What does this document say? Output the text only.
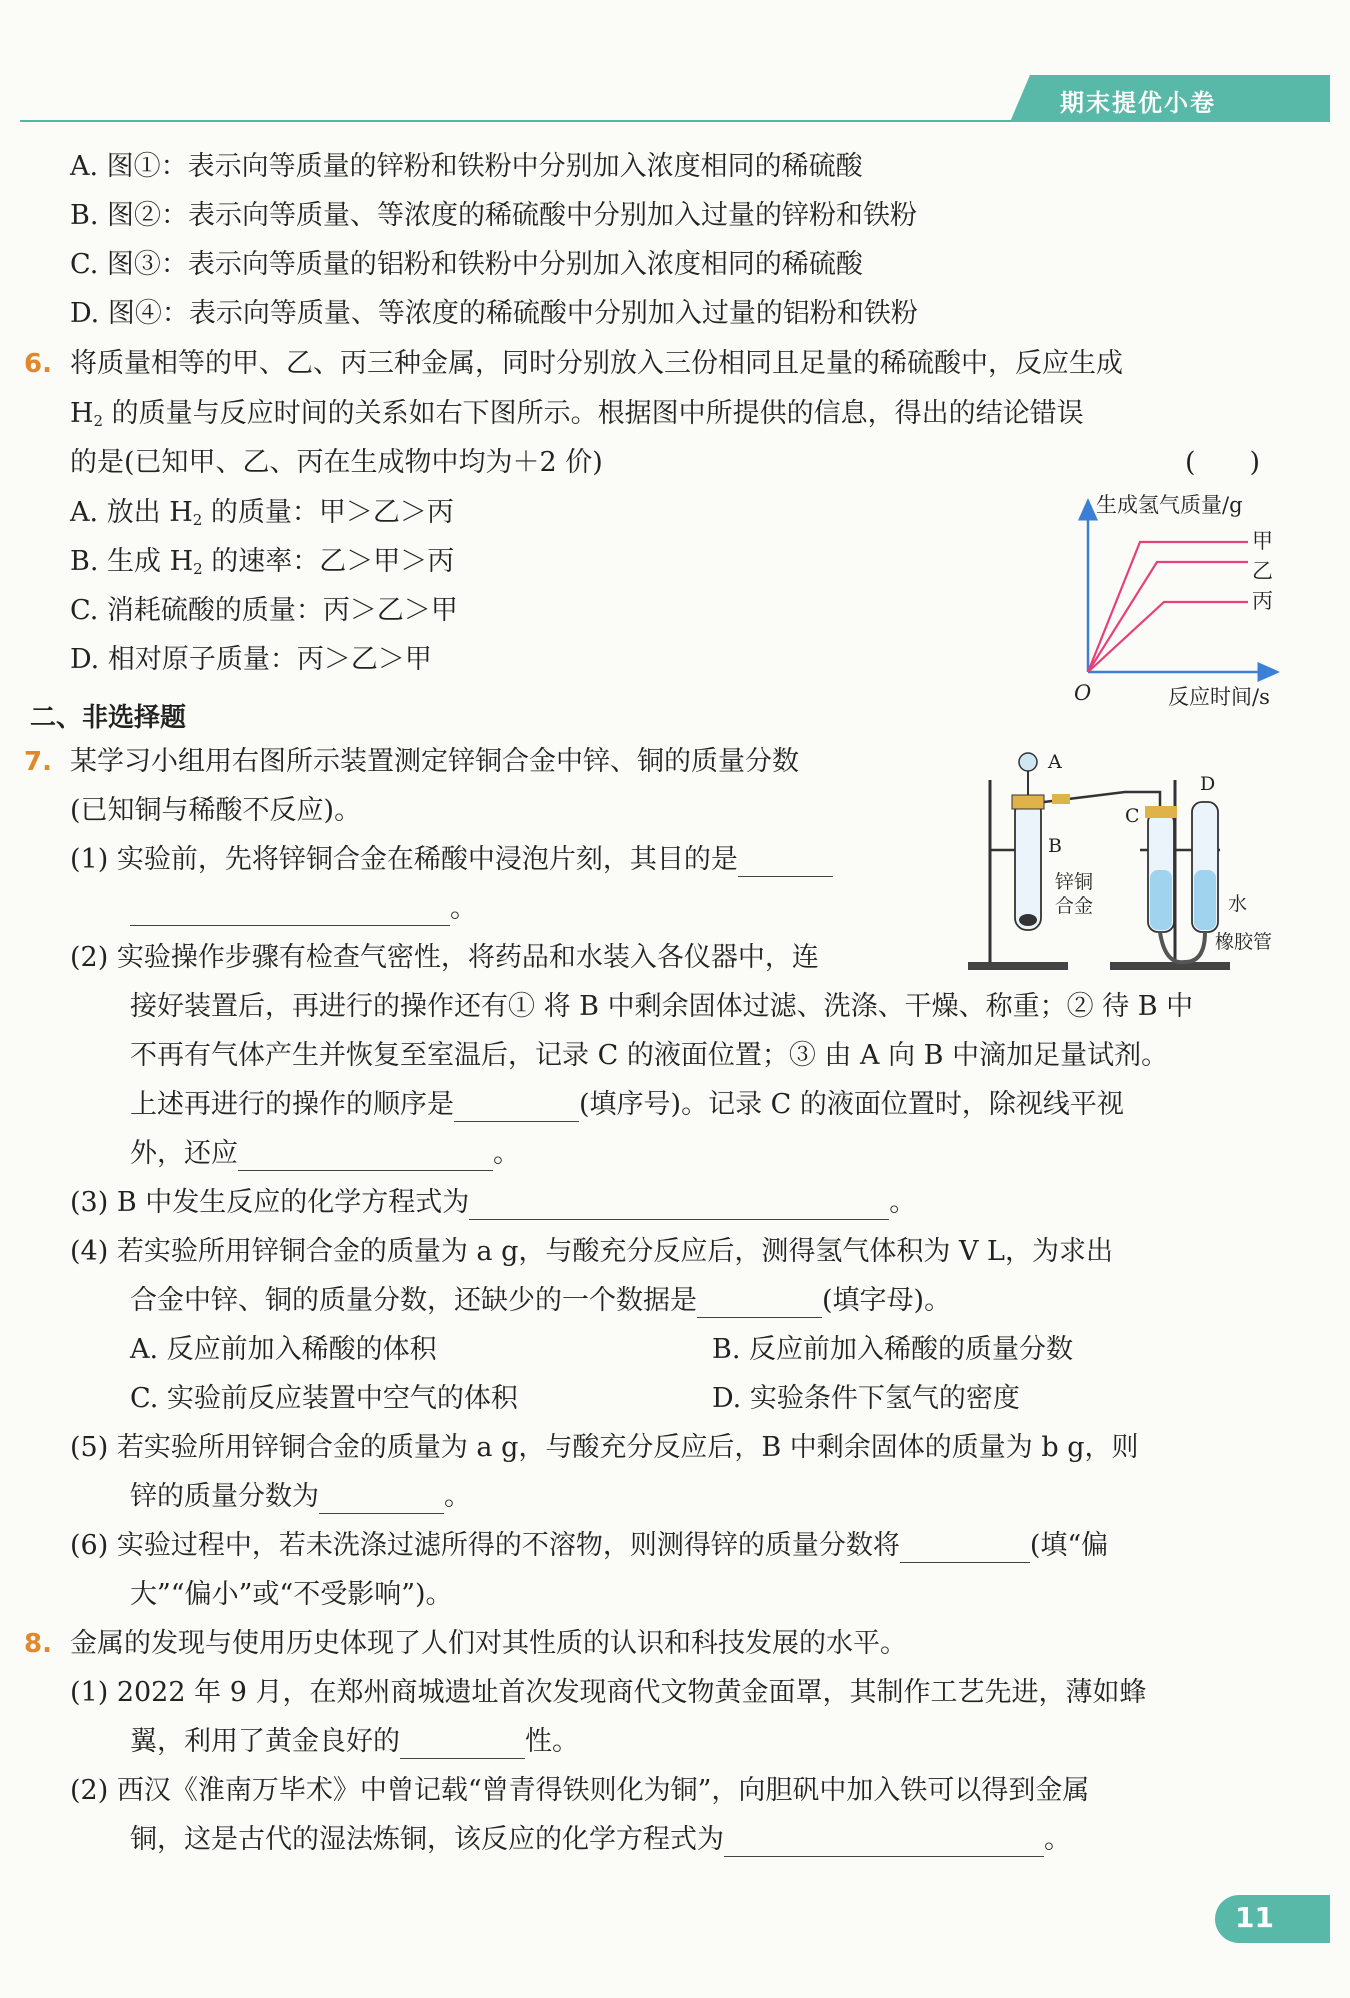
期末提优小卷
A. 图①：表示向等质量的锌粉和铁粉中分别加入浓度相同的稀硫酸
B. 图②：表示向等质量、等浓度的稀硫酸中分别加入过量的锌粉和铁粉
C. 图③：表示向等质量的铝粉和铁粉中分别加入浓度相同的稀硫酸
D. 图④：表示向等质量、等浓度的稀硫酸中分别加入过量的铝粉和铁粉
6. 将质量相等的甲、乙、丙三种金属，同时分别放入三份相同且足量的稀硫酸中，反应生成
$H_2$ 的质量与反应时间的关系如右下图所示。根据图中所提供的信息，得出的结论错误
的是(已知甲、乙、丙在生成物中均为＋2 价)	(　　)
A. 放出 $H_2$ 的质量：甲＞乙＞丙
B. 生成 $H_2$ 的速率：乙＞甲＞丙
C. 消耗硫酸的质量：丙＞乙＞甲
D. 相对原子质量：丙＞乙＞甲
生成氢气质量/g
甲
乙
丙
O	反应时间/s
二、非选择题
7. 某学习小组用右图所示装置测定锌铜合金中锌、铜的质量分数
(已知铜与稀酸不反应)。
(1) 实验前，先将锌铜合金在稀酸中浸泡片刻，其目的是
。
(2) 实验操作步骤有检查气密性，将药品和水装入各仪器中，连
接好装置后，再进行的操作还有① 将 B 中剩余固体过滤、洗涤、干燥、称重；② 待 B 中
不再有气体产生并恢复至室温后，记录 C 的液面位置；③ 由 A 向 B 中滴加足量试剂。
上述再进行的操作的顺序是	(填序号)。记录 C 的液面位置时，除视线平视
外，还应	。
(3) B 中发生反应的化学方程式为	。
(4) 若实验所用锌铜合金的质量为 a g，与酸充分反应后，测得氢气体积为 V L，为求出
合金中锌、铜的质量分数，还缺少的一个数据是	(填字母)。
A. 反应前加入稀酸的体积	B. 反应前加入稀酸的质量分数
C. 实验前反应装置中空气的体积	D. 实验条件下氢气的密度
(5) 若实验所用锌铜合金的质量为 a g，与酸充分反应后，B 中剩余固体的质量为 b g，则
锌的质量分数为	。
(6) 实验过程中，若未洗涤过滤所得的不溶物，则测得锌的质量分数将	(填“偏
大”“偏小”或“不受影响”)。
A
B
C
D
锌铜
合金	水
橡胶管
8. 金属的发现与使用历史体现了人们对其性质的认识和科技发展的水平。
(1) 2022 年 9 月，在郑州商城遗址首次发现商代文物黄金面罩，其制作工艺先进，薄如蜂
翼，利用了黄金良好的	性。
(2) 西汉《淮南万毕术》中曾记载“曾青得铁则化为铜”，向胆矾中加入铁可以得到金属
铜，这是古代的湿法炼铜，该反应的化学方程式为	。
11
